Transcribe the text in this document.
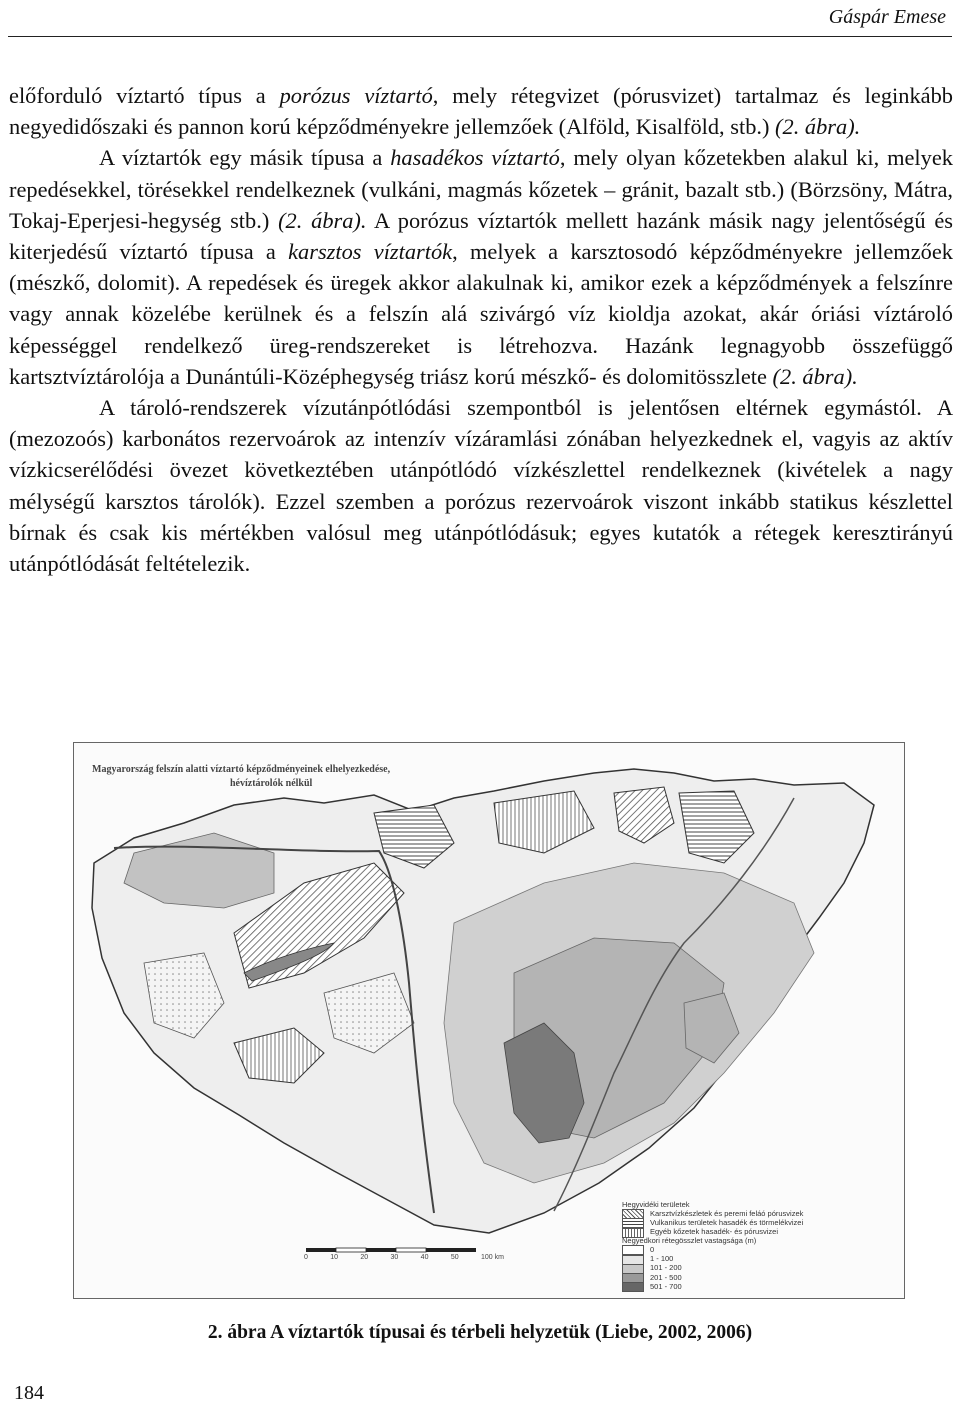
Gáspár Emese

előforduló víztartó típus a porózus víztartó, mely rétegvizet (pórusvizet) tartalmaz és leginkább negyedidőszaki és pannon korú képződményekre jellemzőek (Alföld, Kisalföld, stb.) (2. ábra).

A víztartók egy másik típusa a hasadékos víztartó, mely olyan kőzetekben alakul ki, melyek repedésekkel, törésekkel rendelkeznek (vulkáni, magmás kőzetek – gránit, bazalt stb.) (Börzsöny, Mátra, Tokaj-Eperjesi-hegység stb.) (2. ábra). A porózus víztartók mellett hazánk másik nagy jelentőségű és kiterjedésű víztartó típusa a karsztos víztartók, melyek a karsztosodó képződményekre jellemzőek (mészkő, dolomit). A repedések és üregek akkor alakulnak ki, amikor ezek a képződmények a felszínre vagy annak közelébe kerülnek és a felszín alá szivárgó víz kioldja azokat, akár óriási víztároló képességgel rendelkező üreg-rendszereket is létrehozva. Hazánk legnagyobb összefüggő kartsztvíztárolója a Dunántúli-Középhegység triász korú mészkő- és dolomitösszlete (2. ábra).

A tároló-rendszerek vízutánpótlódási szempontból is jelentősen eltérnek egymástól. A (mezozoós) karbonátos rezervoárok az intenzív vízáramlási zónában helyezkednek el, vagyis az aktív vízkicserélődési övezet következtében utánpótlódó vízkészlettel rendelkeznek (kivételek a nagy mélységű karsztos tárolók). Ezzel szemben a porózus rezervoárok viszont inkább statikus készlettel bírnak és csak kis mértékben valósul meg utánpótlódásuk; egyes kutatók a rétegek keresztirányú utánpótlódását feltételezik.

Magyarország felszín alatti víztartó képződményeinek elhelyezkedése,
hévíztárolók nélkül
0	10	20	30	40	50	100 km
Hegyvidéki területek
Karsztvízkészletek és peremi feláó pórusvizek
Vulkanikus területek hasadék és törmelékvizei
Egyéb kőzetek hasadék- és pórusvizei
Negyedkori rétegösszlet vastagsága (m)
0
1 - 100
101 - 200
201 - 500
501 - 700
2. ábra A víztartók típusai és térbeli helyzetük (Liebe, 2002, 2006)
184
